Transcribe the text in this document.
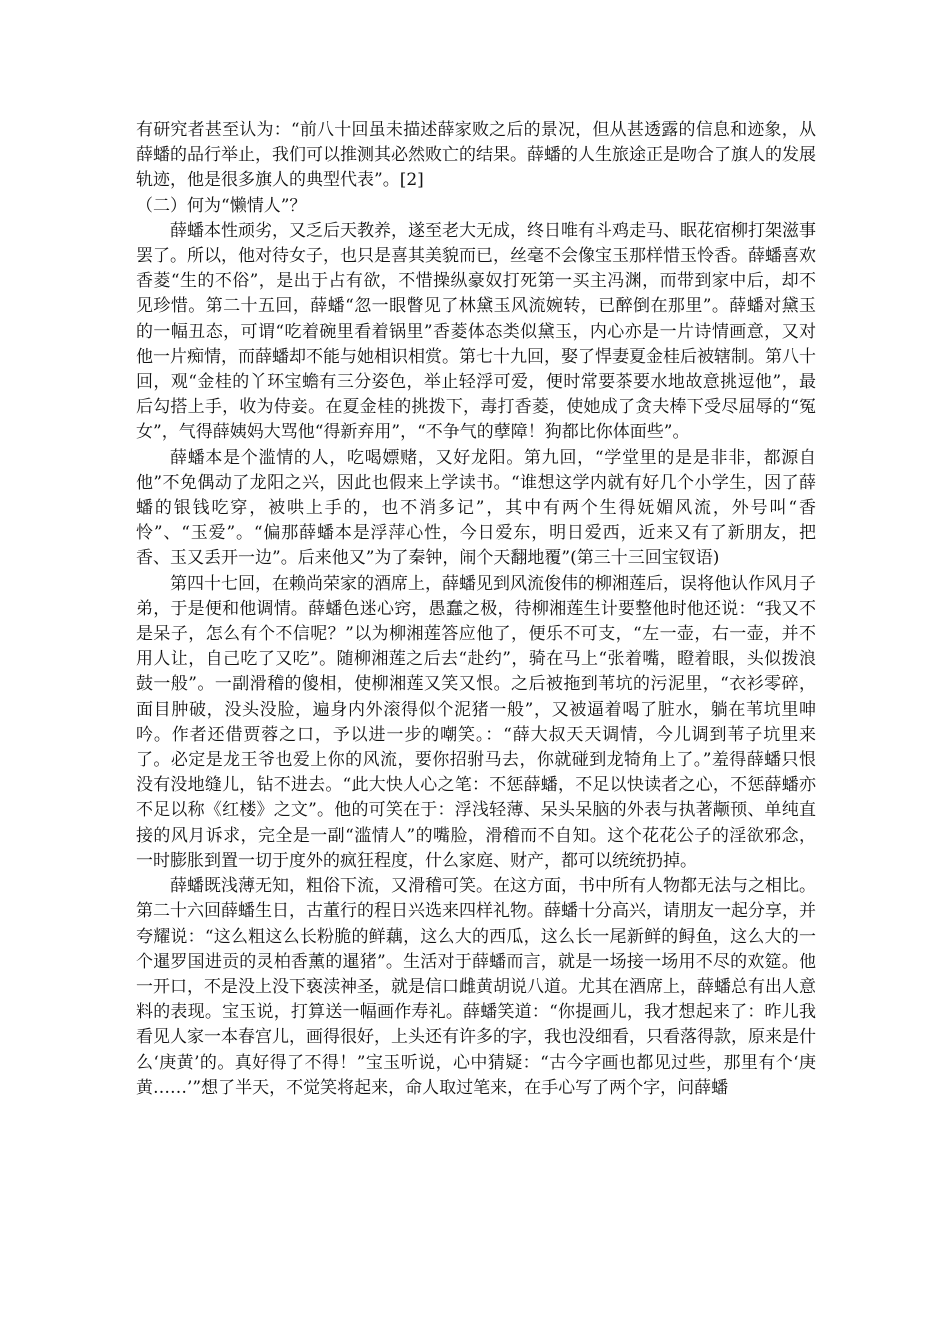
有研究者甚至认为：“前八十回虽未描述薛家败之后的景况，但从甚透露的信息和迹象，从薛蟠的品行举止，我们可以推测其必然败亡的结果。薛蟠的人生旅途正是吻合了旗人的发展轨迹，他是很多旗人的典型代表”。[2]

（二）何为“懒情人”？

薛蟠本性顽劣，又乏后天教养，遂至老大无成，终日唯有斗鸡走马、眠花宿柳打架滋事罢了。所以，他对待女子，也只是喜其美貌而已，丝毫不会像宝玉那样惜玉怜香。薛蟠喜欢香菱“生的不俗”，是出于占有欲，不惜操纵豪奴打死第一买主冯渊，而带到家中后，却不见珍惜。第二十五回，薛蟠“忽一眼瞥见了林黛玉风流婉转，已醉倒在那里”。薛蟠对黛玉的一幅丑态，可谓“吃着碗里看着锅里”香菱体态类似黛玉，内心亦是一片诗情画意，又对他一片痴情，而薛蟠却不能与她相识相赏。第七十九回，娶了悍妻夏金桂后被辖制。第八十回，观“金桂的丫环宝蟾有三分姿色，举止轻浮可爱，便时常要茶要水地故意挑逗他”，最后勾搭上手，收为侍妾。在夏金桂的挑拨下，毒打香菱，使她成了贪夫棒下受尽屈辱的“冤女”，气得薛姨妈大骂他“得新弃用”，“不争气的孽障！狗都比你体面些”。

薛蟠本是个滥情的人，吃喝嫖赌，又好龙阳。第九回，“学堂里的是是非非，都源自他”不免偶动了龙阳之兴，因此也假来上学读书。“谁想这学内就有好几个小学生，因了薛蟠的银钱吃穿，被哄上手的，也不消多记”，其中有两个生得妩媚风流，外号叫“香怜”、“玉爱”。“偏那薛蟠本是浮萍心性，今日爱东，明日爱西，近来又有了新朋友，把香、玉又丢开一边”。后来他又”为了秦钟，闹个天翻地覆”(第三十三回宝钗语)

第四十七回，在赖尚荣家的酒席上，薛蟠见到风流俊伟的柳湘莲后，误将他认作风月子弟，于是便和他调情。薛蟠色迷心窍，愚蠢之极，待柳湘莲生计要整他时他还说：“我又不是呆子，怎么有个不信呢？”以为柳湘莲答应他了，便乐不可支，“左一壶，右一壶，并不用人让，自己吃了又吃”。随柳湘莲之后去“赴约”，骑在马上“张着嘴，瞪着眼，头似拨浪鼓一般”。一副滑稽的傻相，使柳湘莲又笑又恨。之后被拖到苇坑的污泥里，“衣衫零碎，面目肿破，没头没脸，遍身内外滚得似个泥猪一般”，又被逼着喝了脏水，躺在苇坑里呻吟。作者还借贾蓉之口，予以进一步的嘲笑。：“薛大叔天天调情，今儿调到苇子坑里来了。必定是龙王爷也爱上你的风流，要你招驸马去，你就碰到龙犄角上了。”羞得薛蟠只恨没有没地缝儿，钻不进去。“此大快人心之笔：不惩薛蟠，不足以快读者之心，不惩薛蟠亦不足以称《红楼》之文”。他的可笑在于：浮浅轻薄、呆头呆脑的外表与执著颟顸、单纯直接的风月诉求，完全是一副“滥情人”的嘴脸，滑稽而不自知。这个花花公子的淫欲邪念，一时膨胀到置一切于度外的疯狂程度，什么家庭、财产，都可以统统扔掉。

薛蟠既浅薄无知，粗俗下流，又滑稽可笑。在这方面，书中所有人物都无法与之相比。第二十六回薛蟠生日，古董行的程日兴选来四样礼物。薛蟠十分高兴，请朋友一起分享，并夸耀说：“这么粗这么长粉脆的鲜藕，这么大的西瓜，这么长一尾新鲜的鲟鱼，这么大的一个暹罗国进贡的灵柏香薰的暹猪”。生活对于薛蟠而言，就是一场接一场用不尽的欢筵。他一开口，不是没上没下亵渎神圣，就是信口雌黄胡说八道。尤其在酒席上，薛蟠总有出人意料的表现。宝玉说，打算送一幅画作寿礼。薛蟠笑道：“你提画儿，我才想起来了：昨儿我看见人家一本春宫儿，画得很好，上头还有许多的字，我也没细看，只看落得款，原来是什么‘庚黄’的。真好得了不得！”宝玉听说，心中猜疑：“古今字画也都见过些，那里有个‘庚黄……’”想了半天，不觉笑将起来，命人取过笔来，在手心写了两个字，问薛蟠
